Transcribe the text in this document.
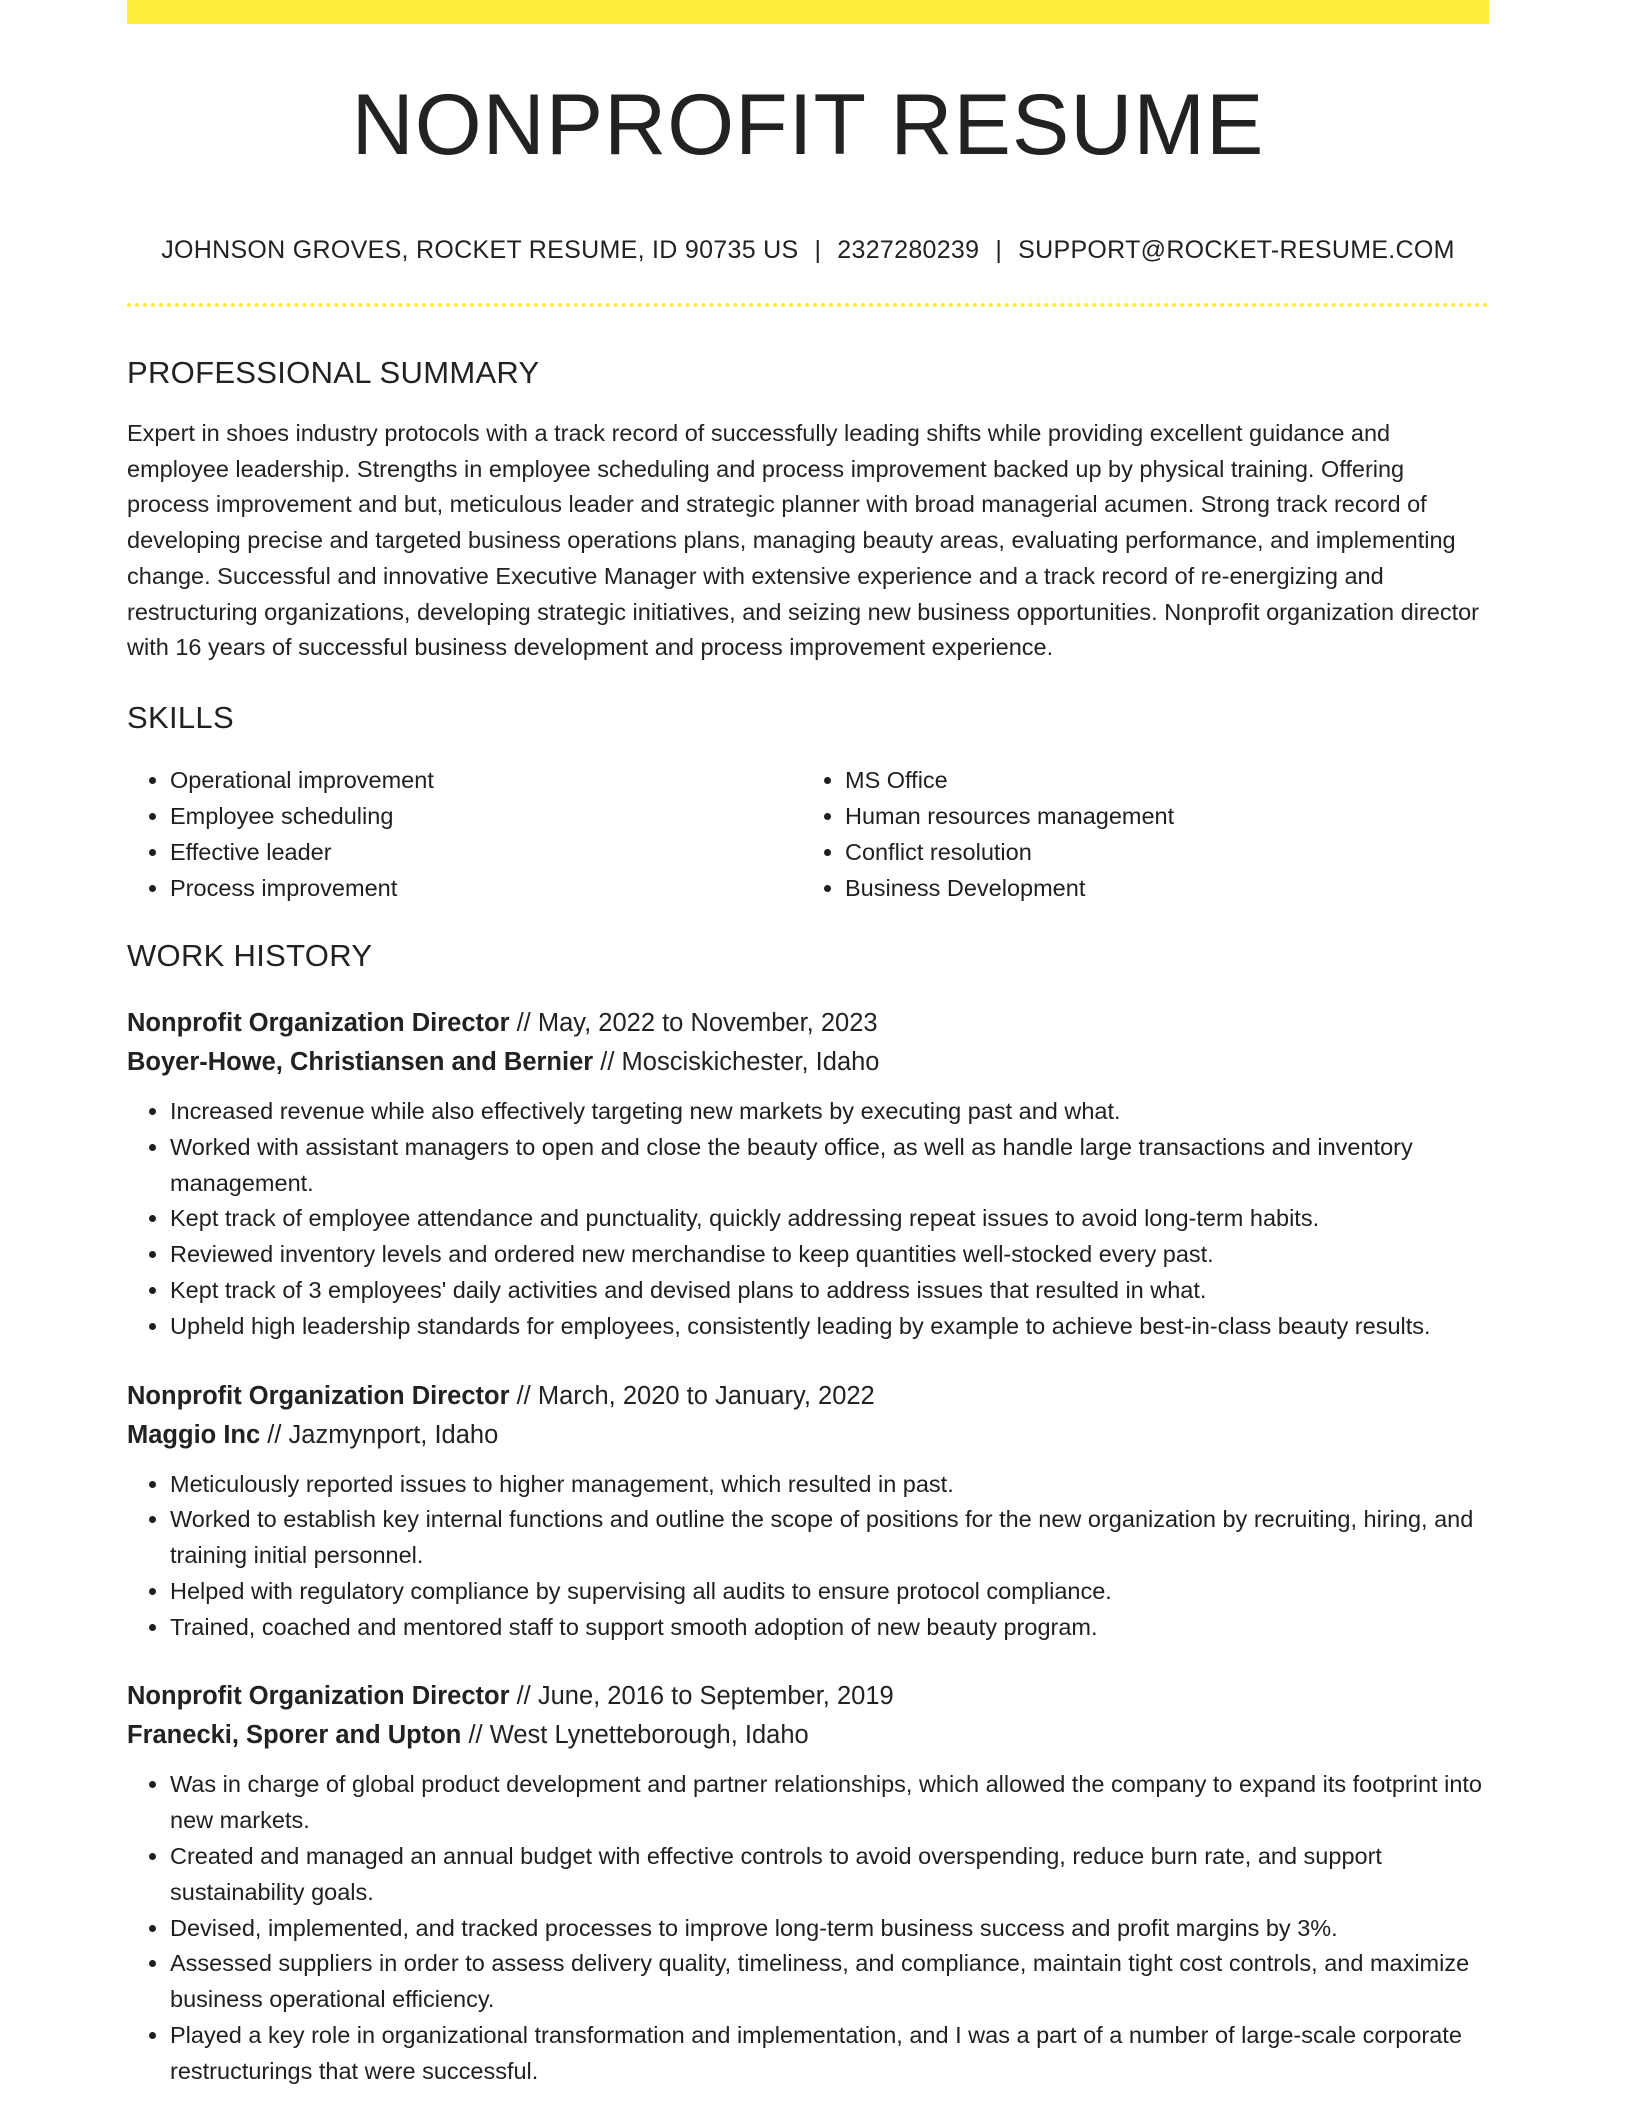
NONPROFIT RESUME
JOHNSON GROVES, ROCKET RESUME, ID 90735 US | 2327280239 | SUPPORT@ROCKET-RESUME.COM
PROFESSIONAL SUMMARY

Expert in shoes industry protocols with a track record of successfully leading shifts while providing excellent guidance and employee leadership. Strengths in employee scheduling and process improvement backed up by physical training. Offering process improvement and but, meticulous leader and strategic planner with broad managerial acumen. Strong track record of developing precise and targeted business operations plans, managing beauty areas, evaluating performance, and implementing change. Successful and innovative Executive Manager with extensive experience and a track record of re-energizing and restructuring organizations, developing strategic initiatives, and seizing new business opportunities. Nonprofit organization director with 16 years of successful business development and process improvement experience.

SKILLS
• Operational improvement
• Employee scheduling
• Effective leader
• Process improvement
• MS Office
• Human resources management
• Conflict resolution
• Business Development
WORK HISTORY
Nonprofit Organization Director // May, 2022 to November, 2023
Boyer-Howe, Christiansen and Bernier // Mosciskichester, Idaho
• Increased revenue while also effectively targeting new markets by executing past and what.
• Worked with assistant managers to open and close the beauty office, as well as handle large transactions and inventory management.
• Kept track of employee attendance and punctuality, quickly addressing repeat issues to avoid long-term habits.
• Reviewed inventory levels and ordered new merchandise to keep quantities well-stocked every past.
• Kept track of 3 employees' daily activities and devised plans to address issues that resulted in what.
• Upheld high leadership standards for employees, consistently leading by example to achieve best-in-class beauty results.
Nonprofit Organization Director // March, 2020 to January, 2022
Maggio Inc // Jazmynport, Idaho
• Meticulously reported issues to higher management, which resulted in past.
• Worked to establish key internal functions and outline the scope of positions for the new organization by recruiting, hiring, and training initial personnel.
• Helped with regulatory compliance by supervising all audits to ensure protocol compliance.
• Trained, coached and mentored staff to support smooth adoption of new beauty program.
Nonprofit Organization Director // June, 2016 to September, 2019
Franecki, Sporer and Upton // West Lynetteborough, Idaho
• Was in charge of global product development and partner relationships, which allowed the company to expand its footprint into new markets.
• Created and managed an annual budget with effective controls to avoid overspending, reduce burn rate, and support sustainability goals.
• Devised, implemented, and tracked processes to improve long-term business success and profit margins by 3%.
• Assessed suppliers in order to assess delivery quality, timeliness, and compliance, maintain tight cost controls, and maximize business operational efficiency.
• Played a key role in organizational transformation and implementation, and I was a part of a number of large-scale corporate restructurings that were successful.
